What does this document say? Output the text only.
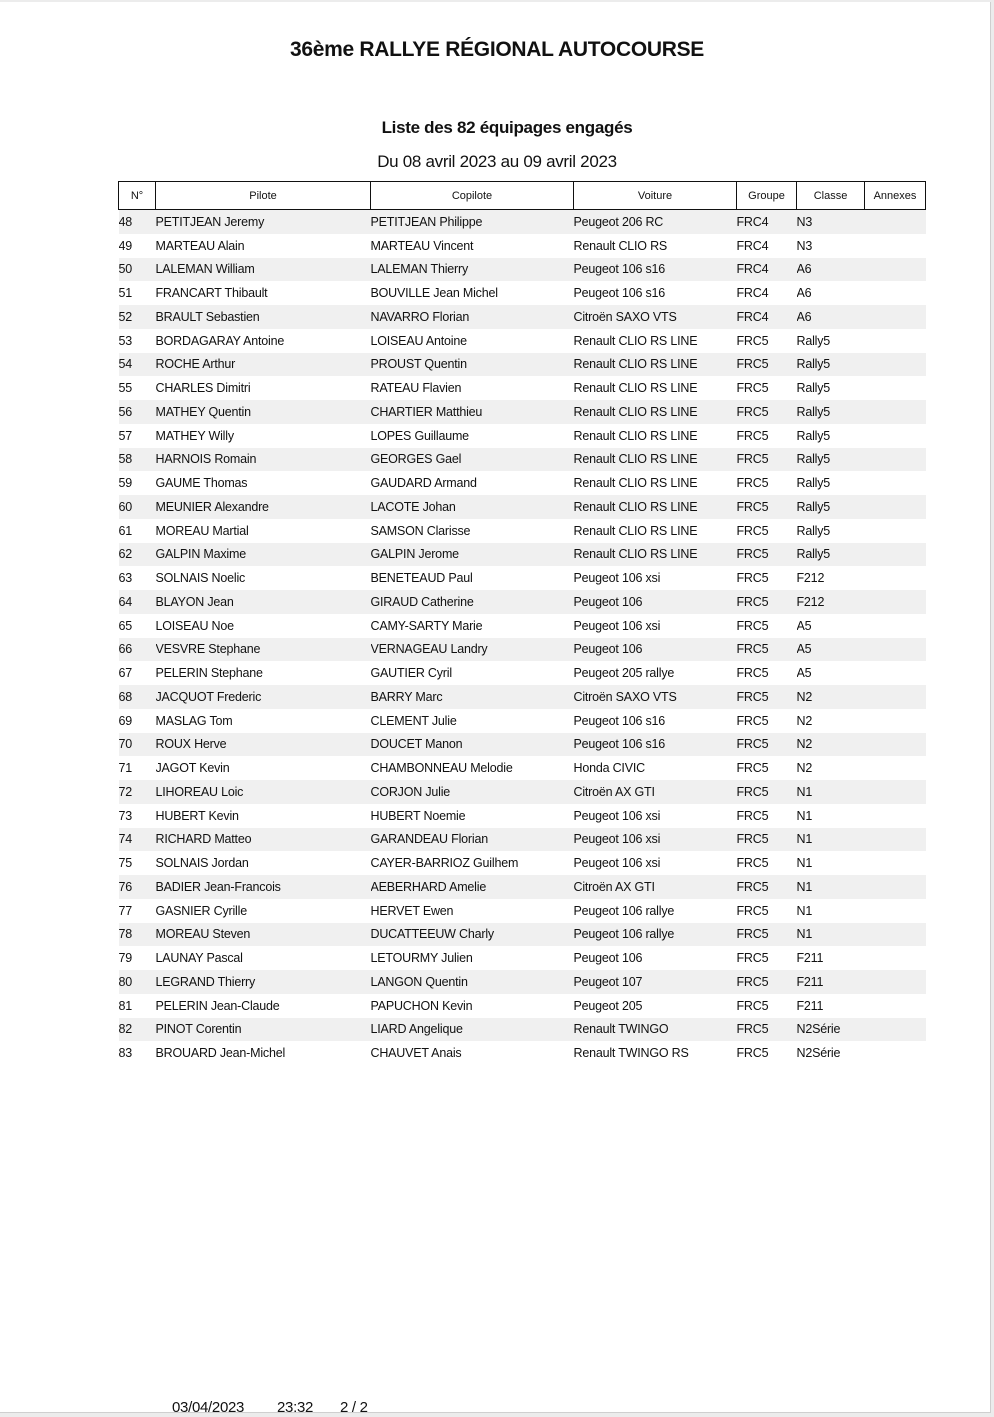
36ème RALLYE RÉGIONAL AUTOCOURSE
Liste des 82 équipages engagés
Du 08 avril 2023 au 09 avril 2023
N°	Pilote	Copilote	Voiture	Groupe	Classe	Annexes
48	PETITJEAN Jeremy	PETITJEAN Philippe	Peugeot 206 RC	FRC4	N3	
49	MARTEAU Alain	MARTEAU Vincent	Renault CLIO RS	FRC4	N3	
50	LALEMAN William	LALEMAN Thierry	Peugeot 106 s16	FRC4	A6	
51	FRANCART Thibault	BOUVILLE Jean Michel	Peugeot 106 s16	FRC4	A6	
52	BRAULT Sebastien	NAVARRO Florian	Citroën SAXO VTS	FRC4	A6	
53	BORDAGARAY Antoine	LOISEAU Antoine	Renault CLIO RS LINE	FRC5	Rally5	
54	ROCHE Arthur	PROUST Quentin	Renault CLIO RS LINE	FRC5	Rally5	
55	CHARLES Dimitri	RATEAU Flavien	Renault CLIO RS LINE	FRC5	Rally5	
56	MATHEY Quentin	CHARTIER Matthieu	Renault CLIO RS LINE	FRC5	Rally5	
57	MATHEY Willy	LOPES Guillaume	Renault CLIO RS LINE	FRC5	Rally5	
58	HARNOIS Romain	GEORGES Gael	Renault CLIO RS LINE	FRC5	Rally5	
59	GAUME Thomas	GAUDARD Armand	Renault CLIO RS LINE	FRC5	Rally5	
60	MEUNIER Alexandre	LACOTE Johan	Renault CLIO RS LINE	FRC5	Rally5	
61	MOREAU Martial	SAMSON Clarisse	Renault CLIO RS LINE	FRC5	Rally5	
62	GALPIN Maxime	GALPIN Jerome	Renault CLIO RS LINE	FRC5	Rally5	
63	SOLNAIS Noelic	BENETEAUD Paul	Peugeot 106 xsi	FRC5	F212	
64	BLAYON Jean	GIRAUD Catherine	Peugeot 106	FRC5	F212	
65	LOISEAU Noe	CAMY-SARTY Marie	Peugeot 106 xsi	FRC5	A5	
66	VESVRE Stephane	VERNAGEAU Landry	Peugeot 106	FRC5	A5	
67	PELERIN Stephane	GAUTIER Cyril	Peugeot 205 rallye	FRC5	A5	
68	JACQUOT Frederic	BARRY Marc	Citroën SAXO VTS	FRC5	N2	
69	MASLAG Tom	CLEMENT Julie	Peugeot 106 s16	FRC5	N2	
70	ROUX Herve	DOUCET Manon	Peugeot 106 s16	FRC5	N2	
71	JAGOT Kevin	CHAMBONNEAU Melodie	Honda CIVIC	FRC5	N2	
72	LIHOREAU Loic	CORJON Julie	Citroën AX GTI	FRC5	N1	
73	HUBERT Kevin	HUBERT Noemie	Peugeot 106 xsi	FRC5	N1	
74	RICHARD Matteo	GARANDEAU Florian	Peugeot 106 xsi	FRC5	N1	
75	SOLNAIS Jordan	CAYER-BARRIOZ Guilhem	Peugeot 106 xsi	FRC5	N1	
76	BADIER Jean-Francois	AEBERHARD Amelie	Citroën AX GTI	FRC5	N1	
77	GASNIER Cyrille	HERVET Ewen	Peugeot 106 rallye	FRC5	N1	
78	MOREAU Steven	DUCATTEEUW Charly	Peugeot 106 rallye	FRC5	N1	
79	LAUNAY Pascal	LETOURMY Julien	Peugeot 106	FRC5	F211	
80	LEGRAND Thierry	LANGON Quentin	Peugeot 107	FRC5	F211	
81	PELERIN Jean-Claude	PAPUCHON Kevin	Peugeot 205	FRC5	F211	
82	PINOT Corentin	LIARD Angelique	Renault TWINGO	FRC5	N2Série	
83	BROUARD Jean-Michel	CHAUVET Anais	Renault TWINGO RS	FRC5	N2Série	
03/04/2023 23:32 2 / 2
